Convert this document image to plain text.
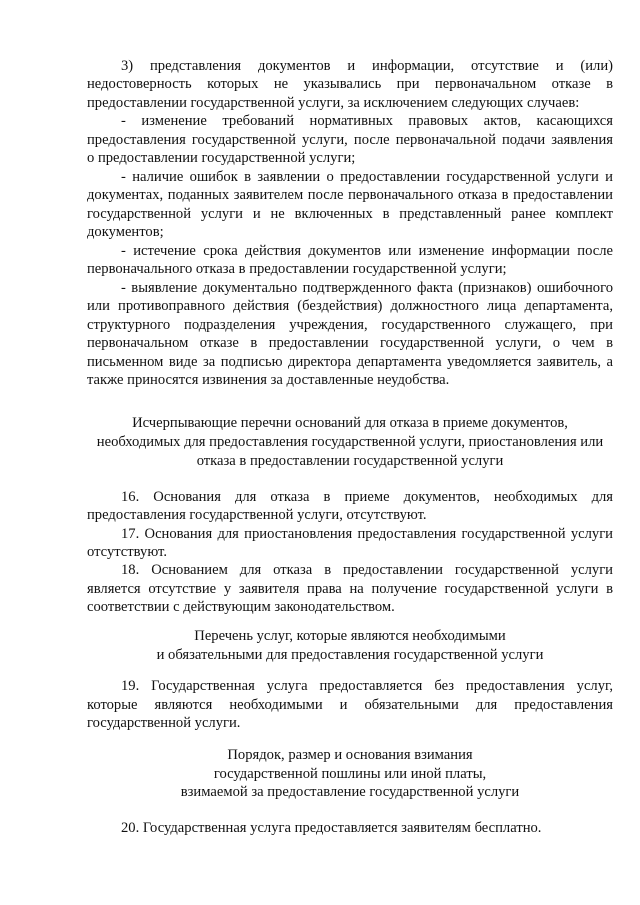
3) представления документов и информации, отсутствие и (или)
недостоверность которых не указывались при первоначальном отказе в
предоставлении государственной услуги, за исключением следующих случаев:
- изменение требований нормативных правовых актов, касающихся
предоставления государственной услуги, после первоначальной подачи заявления
о предоставлении государственной услуги;
- наличие ошибок в заявлении о предоставлении государственной услуги и
документах, поданных заявителем после первоначального отказа в предоставлении
государственной услуги и не включенных в представленный ранее комплект
документов;
- истечение срока действия документов или изменение информации после
первоначального отказа в предоставлении государственной услуги;
- выявление документально подтвержденного факта (признаков) ошибочного
или противоправного действия (бездействия) должностного лица департамента,
структурного подразделения учреждения, государственного служащего, при
первоначальном отказе в предоставлении государственной услуги, о чем в
письменном виде за подписью директора департамента уведомляется заявитель, а
также приносятся извинения за доставленные неудобства.
Исчерпывающие перечни оснований для отказа в приеме документов,
необходимых для предоставления государственной услуги, приостановления или
отказа в предоставлении государственной услуги
16. Основания для отказа в приеме документов, необходимых для
предоставления государственной услуги, отсутствуют.
17. Основания для приостановления предоставления государственной услуги
отсутствуют.
18. Основанием для отказа в предоставлении государственной услуги
является отсутствие у заявителя права на получение государственной услуги в
соответствии с действующим законодательством.
Перечень услуг, которые являются необходимыми
и обязательными для предоставления государственной услуги
19. Государственная услуга предоставляется без предоставления услуг,
которые являются необходимыми и обязательными для предоставления
государственной услуги.
Порядок, размер и основания взимания
государственной пошлины или иной платы,
взимаемой за предоставление государственной услуги
20. Государственная услуга предоставляется заявителям бесплатно.
